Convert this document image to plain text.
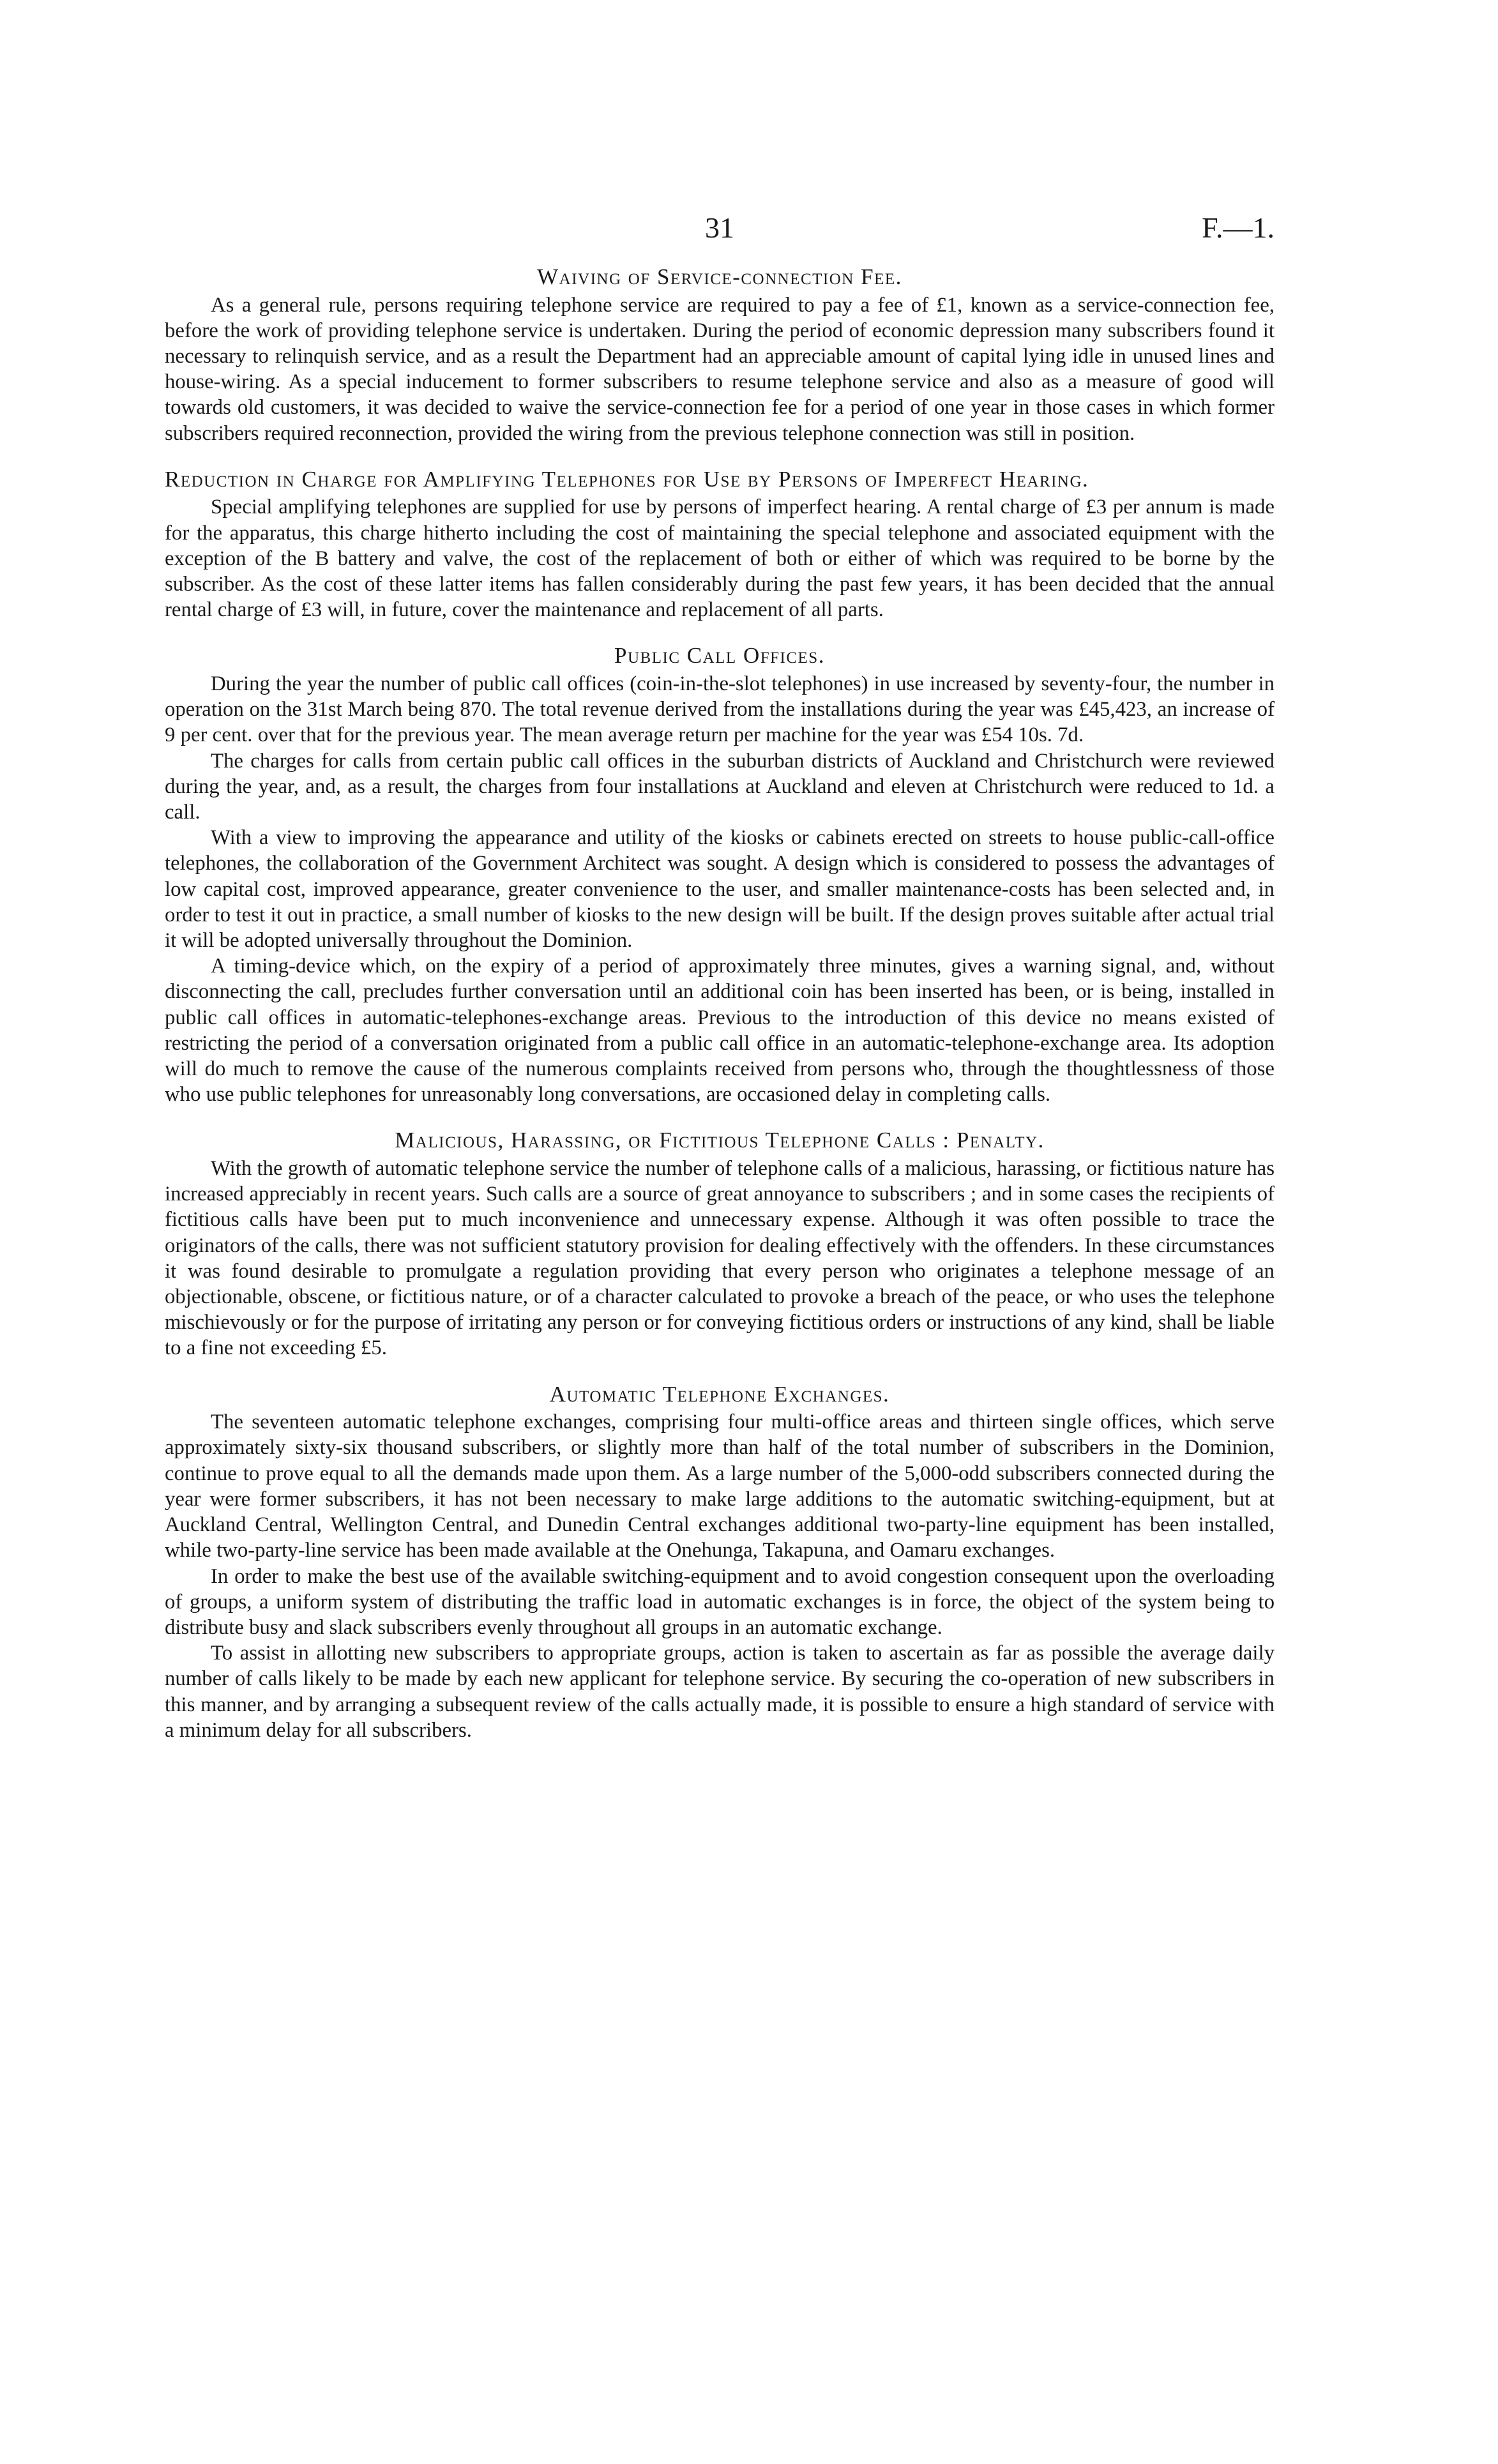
31	F.—1.
Waiving of Service-connection Fee.

As a general rule, persons requiring telephone service are required to pay a fee of £1, known as a service-connection fee, before the work of providing telephone service is undertaken. During the period of economic depression many subscribers found it necessary to relinquish service, and as a result the Department had an appreciable amount of capital lying idle in unused lines and house-wiring. As a special inducement to former subscribers to resume telephone service and also as a measure of good will towards old customers, it was decided to waive the service-connection fee for a period of one year in those cases in which former subscribers required reconnection, provided the wiring from the previous telephone connection was still in position.

Reduction in Charge for Amplifying Telephones for Use by Persons of Imperfect Hearing.

Special amplifying telephones are supplied for use by persons of imperfect hearing. A rental charge of £3 per annum is made for the apparatus, this charge hitherto including the cost of maintaining the special telephone and associated equipment with the exception of the B battery and valve, the cost of the replacement of both or either of which was required to be borne by the subscriber. As the cost of these latter items has fallen considerably during the past few years, it has been decided that the annual rental charge of £3 will, in future, cover the maintenance and replacement of all parts.

Public Call Offices.

During the year the number of public call offices (coin-in-the-slot telephones) in use increased by seventy-four, the number in operation on the 31st March being 870. The total revenue derived from the installations during the year was £45,423, an increase of 9 per cent. over that for the previous year. The mean average return per machine for the year was £54 10s. 7d.

The charges for calls from certain public call offices in the suburban districts of Auckland and Christchurch were reviewed during the year, and, as a result, the charges from four installations at Auckland and eleven at Christchurch were reduced to 1d. a call.

With a view to improving the appearance and utility of the kiosks or cabinets erected on streets to house public-call-office telephones, the collaboration of the Government Architect was sought. A design which is considered to possess the advantages of low capital cost, improved appearance, greater convenience to the user, and smaller maintenance-costs has been selected and, in order to test it out in practice, a small number of kiosks to the new design will be built. If the design proves suitable after actual trial it will be adopted universally throughout the Dominion.

A timing-device which, on the expiry of a period of approximately three minutes, gives a warning signal, and, without disconnecting the call, precludes further conversation until an additional coin has been inserted has been, or is being, installed in public call offices in automatic-telephones-exchange areas. Previous to the introduction of this device no means existed of restricting the period of a conversation originated from a public call office in an automatic-telephone-exchange area. Its adoption will do much to remove the cause of the numerous complaints received from persons who, through the thoughtlessness of those who use public telephones for unreasonably long conversations, are occasioned delay in completing calls.

Malicious, Harassing, or Fictitious Telephone Calls : Penalty.

With the growth of automatic telephone service the number of telephone calls of a malicious, harassing, or fictitious nature has increased appreciably in recent years. Such calls are a source of great annoyance to subscribers ; and in some cases the recipients of fictitious calls have been put to much inconvenience and unnecessary expense. Although it was often possible to trace the originators of the calls, there was not sufficient statutory provision for dealing effectively with the offenders. In these circumstances it was found desirable to promulgate a regulation providing that every person who originates a telephone message of an objectionable, obscene, or fictitious nature, or of a character calculated to provoke a breach of the peace, or who uses the telephone mischievously or for the purpose of irritating any person or for conveying fictitious orders or instructions of any kind, shall be liable to a fine not exceeding £5.

Automatic Telephone Exchanges.

The seventeen automatic telephone exchanges, comprising four multi-office areas and thirteen single offices, which serve approximately sixty-six thousand subscribers, or slightly more than half of the total number of subscribers in the Dominion, continue to prove equal to all the demands made upon them. As a large number of the 5,000-odd subscribers connected during the year were former subscribers, it has not been necessary to make large additions to the automatic switching-equipment, but at Auckland Central, Wellington Central, and Dunedin Central exchanges additional two-party-line equipment has been installed, while two-party-line service has been made available at the Onehunga, Takapuna, and Oamaru exchanges.

In order to make the best use of the available switching-equipment and to avoid congestion consequent upon the overloading of groups, a uniform system of distributing the traffic load in automatic exchanges is in force, the object of the system being to distribute busy and slack subscribers evenly throughout all groups in an automatic exchange.

To assist in allotting new subscribers to appropriate groups, action is taken to ascertain as far as possible the average daily number of calls likely to be made by each new applicant for telephone service. By securing the co-operation of new subscribers in this manner, and by arranging a subsequent review of the calls actually made, it is possible to ensure a high standard of service with a minimum delay for all subscribers.
